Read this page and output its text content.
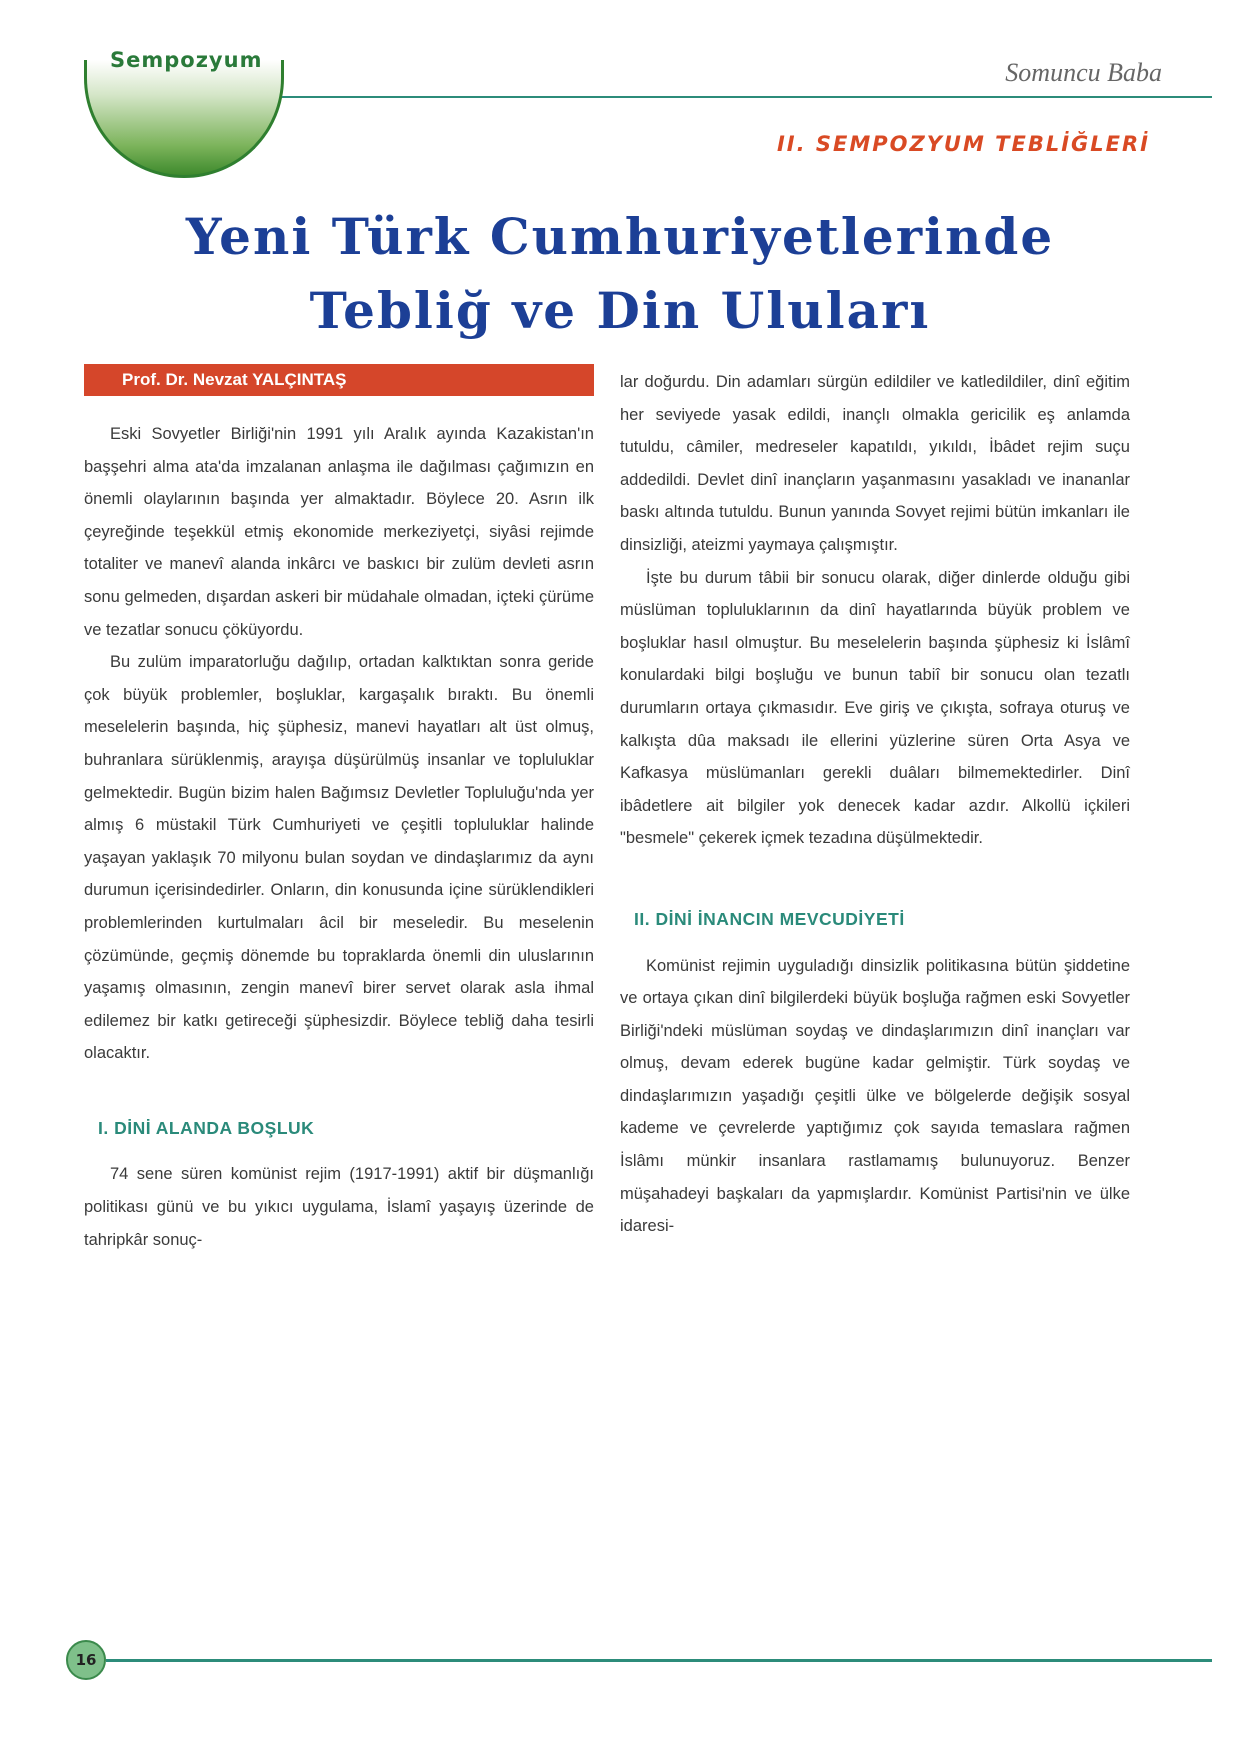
Sempozyum	Somuncu Baba
II. SEMPOZYUM TEBLİĞLERİ
Yeni Türk Cumhuriyetlerinde
Tebliğ ve Din Uluları
Prof. Dr. Nevzat YALÇINTAŞ

Eski Sovyetler Birliği'nin 1991 yılı Aralık ayında Kazakistan'ın başşehri alma ata'da imzalanan anlaşma ile dağılması çağımızın en önemli olaylarının başında yer almaktadır. Böylece 20. Asrın ilk çeyreğinde teşekkül etmiş ekonomide merkeziyetçi, siyâsi rejimde totaliter ve manevî alanda inkârcı ve baskıcı bir zulüm devleti asrın sonu gelmeden, dışardan askeri bir müdahale olmadan, içteki çürüme ve tezatlar sonucu çöküyordu.

Bu zulüm imparatorluğu dağılıp, ortadan kalktıktan sonra geride çok büyük problemler, boşluklar, kargaşalık bıraktı. Bu önemli meselelerin başında, hiç şüphesiz, manevi hayatları alt üst olmuş, buhranlara sürüklenmiş, arayışa düşürülmüş insanlar ve topluluklar gelmektedir. Bugün bizim halen Bağımsız Devletler Topluluğu'nda yer almış 6 müstakil Türk Cumhuriyeti ve çeşitli topluluklar halinde yaşayan yaklaşık 70 milyonu bulan soydan ve dindaşlarımız da aynı durumun içerisindedirler. Onların, din konusunda içine sürüklendikleri problemlerinden kurtulmaları âcil bir meseledir. Bu meselenin çözümünde, geçmiş dönemde bu topraklarda önemli din uluslarının yaşamış olmasının, zengin manevî birer servet olarak asla ihmal edilemez bir katkı getireceği şüphesizdir. Böylece tebliğ daha tesirli olacaktır.

I. DİNİ ALANDA BOŞLUK

74 sene süren komünist rejim (1917-1991) aktif bir düşmanlığı politikası günü ve bu yıkıcı uygulama, İslamî yaşayış üzerinde de tahripkâr sonuç-

lar doğurdu. Din adamları sürgün edildiler ve katledildiler, dinî eğitim her seviyede yasak edildi, inançlı olmakla gericilik eş anlamda tutuldu, câmiler, medreseler kapatıldı, yıkıldı, İbâdet rejim suçu addedildi. Devlet dinî inançların yaşanmasını yasakladı ve inananlar baskı altında tutuldu. Bunun yanında Sovyet rejimi bütün imkanları ile dinsizliği, ateizmi yaymaya çalışmıştır.

İşte bu durum tâbii bir sonucu olarak, diğer dinlerde olduğu gibi müslüman topluluklarının da dinî hayatlarında büyük problem ve boşluklar hasıl olmuştur. Bu meselelerin başında şüphesiz ki İslâmî konulardaki bilgi boşluğu ve bunun tabiî bir sonucu olan tezatlı durumların ortaya çıkmasıdır. Eve giriş ve çıkışta, sofraya oturuş ve kalkışta dûa maksadı ile ellerini yüzlerine süren Orta Asya ve Kafkasya müslümanları gerekli duâları bilmemektedirler. Dinî ibâdetlere ait bilgiler yok denecek kadar azdır. Alkollü içkileri "besmele" çekerek içmek tezadına düşülmektedir.

II. DİNİ İNANCIN MEVCUDİYETİ

Komünist rejimin uyguladığı dinsizlik politikasına bütün şiddetine ve ortaya çıkan dinî bilgilerdeki büyük boşluğa rağmen eski Sovyetler Birliği'ndeki müslüman soydaş ve dindaşlarımızın dinî inançları var olmuş, devam ederek bugüne kadar gelmiştir. Türk soydaş ve dindaşlarımızın yaşadığı çeşitli ülke ve bölgelerde değişik sosyal kademe ve çevrelerde yaptığımız çok sayıda temaslara rağmen İslâmı münkir insanlara rastlamamış bulunuyoruz. Benzer müşahadeyi başkaları da yapmışlardır. Komünist Partisi'nin ve ülke idaresi-

16
